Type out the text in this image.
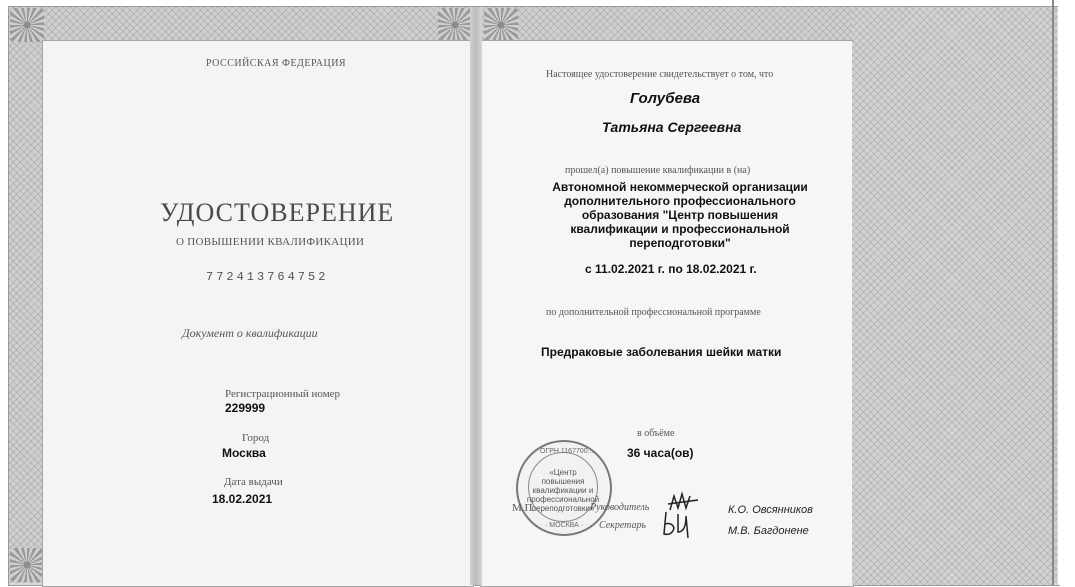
РОССИЙСКАЯ ФЕДЕРАЦИЯ
УДОСТОВЕРЕНИЕ
О ПОВЫШЕНИИ КВАЛИФИКАЦИИ
772413764752
Документ о квалификации
Регистрационный номер
229999
Город
Москва
Дата выдачи
18.02.2021
Настоящее удостоверение свидетельствует о том, что
Голубева
Татьяна Сергеевна
прошел(а) повышение квалификации в (на)
Автономной некоммерческой организации
дополнительного профессионального
образования "Центр повышения
квалификации и профессиональной
переподготовки"
с 11.02.2021 г. по 18.02.2021 г.
по дополнительной профессиональной программе
Предраковые заболевания шейки матки
в объёме
36 часа(ов)
ОГРН 1167700...
«Центр
повышения
квалификации и
профессиональной
переподготовки»
· МОСКВА ·
М.П.	Руководитель
Секретарь
К.О. Овсянников
М.В. Багдонене
